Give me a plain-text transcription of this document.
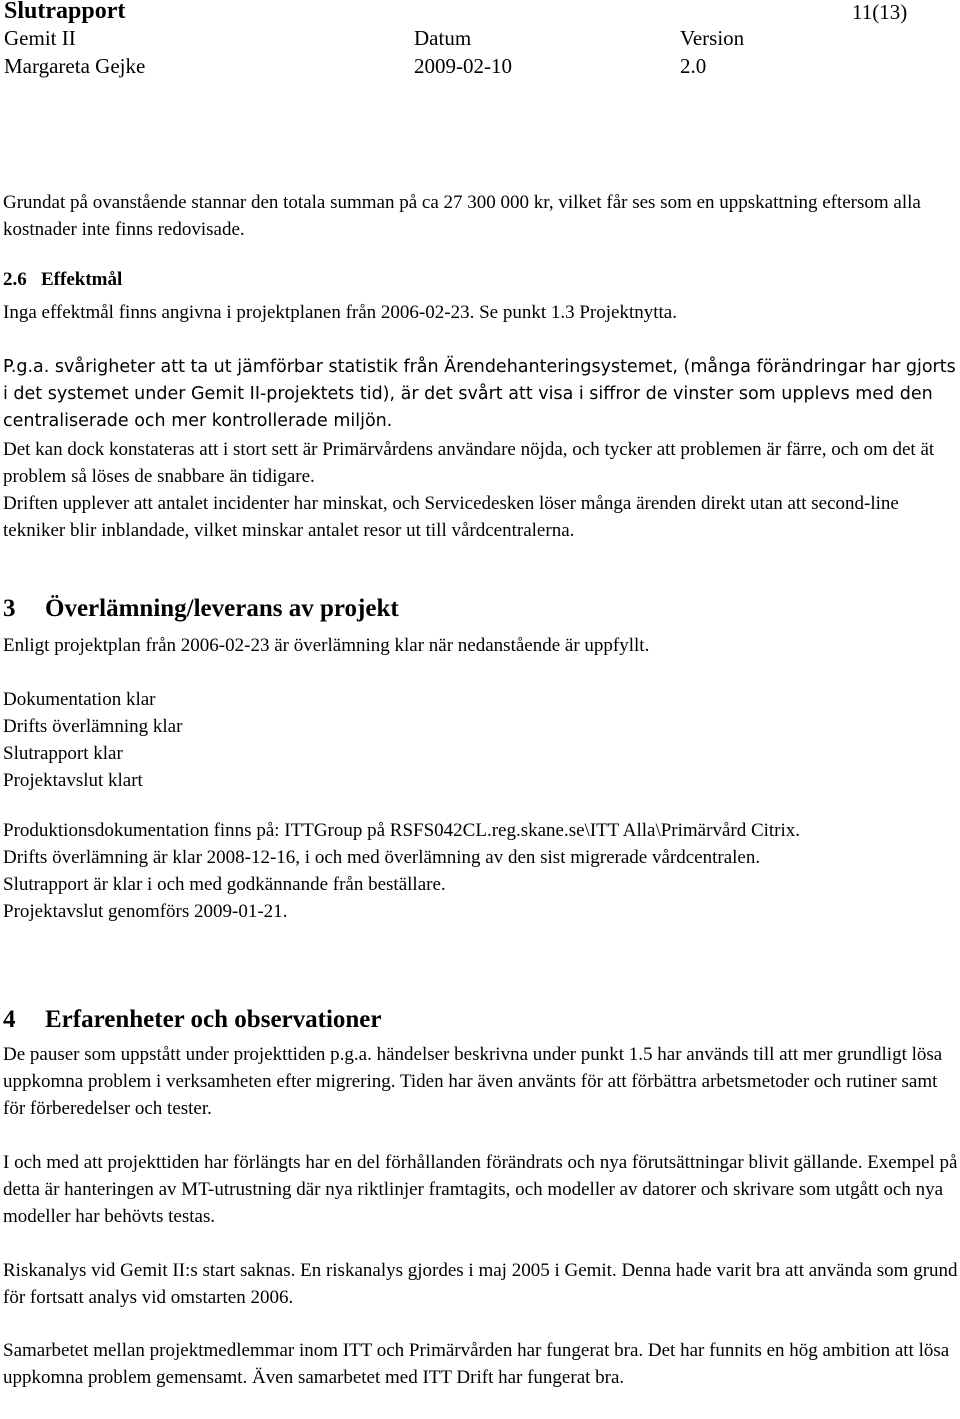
Slutrapport	11(13)
Gemit II	Datum	Version
Margareta Gejke	2009-02-10	2.0

Grundat på ovanstående stannar den totala summan på ca 27 300 000 kr, vilket får ses som en uppskattning eftersom alla kostnader inte finns redovisade.

2.6 Effektmål

Inga effektmål finns angivna i projektplanen från 2006-02-23. Se punkt 1.3 Projektnytta.

P.g.a. svårigheter att ta ut jämförbar statistik från Ärendehanteringsystemet, (många förändringar har gjorts i det systemet under Gemit II-projektets tid), är det svårt att visa i siffror de vinster som upplevs med den centraliserade och mer kontrollerade miljön.

Det kan dock konstateras att i stort sett är Primärvårdens användare nöjda, och tycker att problemen är färre, och om det ät problem så löses de snabbare än tidigare.

Driften upplever att antalet incidenter har minskat, och Servicedesken löser många ärenden direkt utan att second-line tekniker blir inblandade, vilket minskar antalet resor ut till vårdcentralerna.

3 Överlämning/leverans av projekt

Enligt projektplan från 2006-02-23 är överlämning klar när nedanstående är uppfyllt.

Dokumentation klar
Drifts överlämning klar
Slutrapport klar
Projektavslut klart
Produktionsdokumentation finns på: ITTGroup på RSFS042CL.reg.skane.se\ITT Alla\Primärvård Citrix.
Drifts överlämning är klar 2008-12-16, i och med överlämning av den sist migrerade vårdcentralen.
Slutrapport är klar i och med godkännande från beställare.
Projektavslut genomförs 2009-01-21.
4 Erfarenheter och observationer

De pauser som uppstått under projekttiden p.g.a. händelser beskrivna under punkt 1.5 har används till att mer grundligt lösa uppkomna problem i verksamheten efter migrering. Tiden har även använts för att förbättra arbetsmetoder och rutiner samt för förberedelser och tester.

I och med att projekttiden har förlängts har en del förhållanden förändrats och nya förutsättningar blivit gällande. Exempel på detta är hanteringen av MT-utrustning där nya riktlinjer framtagits, och modeller av datorer och skrivare som utgått och nya modeller har behövts testas.

Riskanalys vid Gemit II:s start saknas. En riskanalys gjordes i maj 2005 i Gemit. Denna hade varit bra att använda som grund för fortsatt analys vid omstarten 2006.

Samarbetet mellan projektmedlemmar inom ITT och Primärvården har fungerat bra. Det har funnits en hög ambition att lösa uppkomna problem gemensamt. Även samarbetet med ITT Drift har fungerat bra.
